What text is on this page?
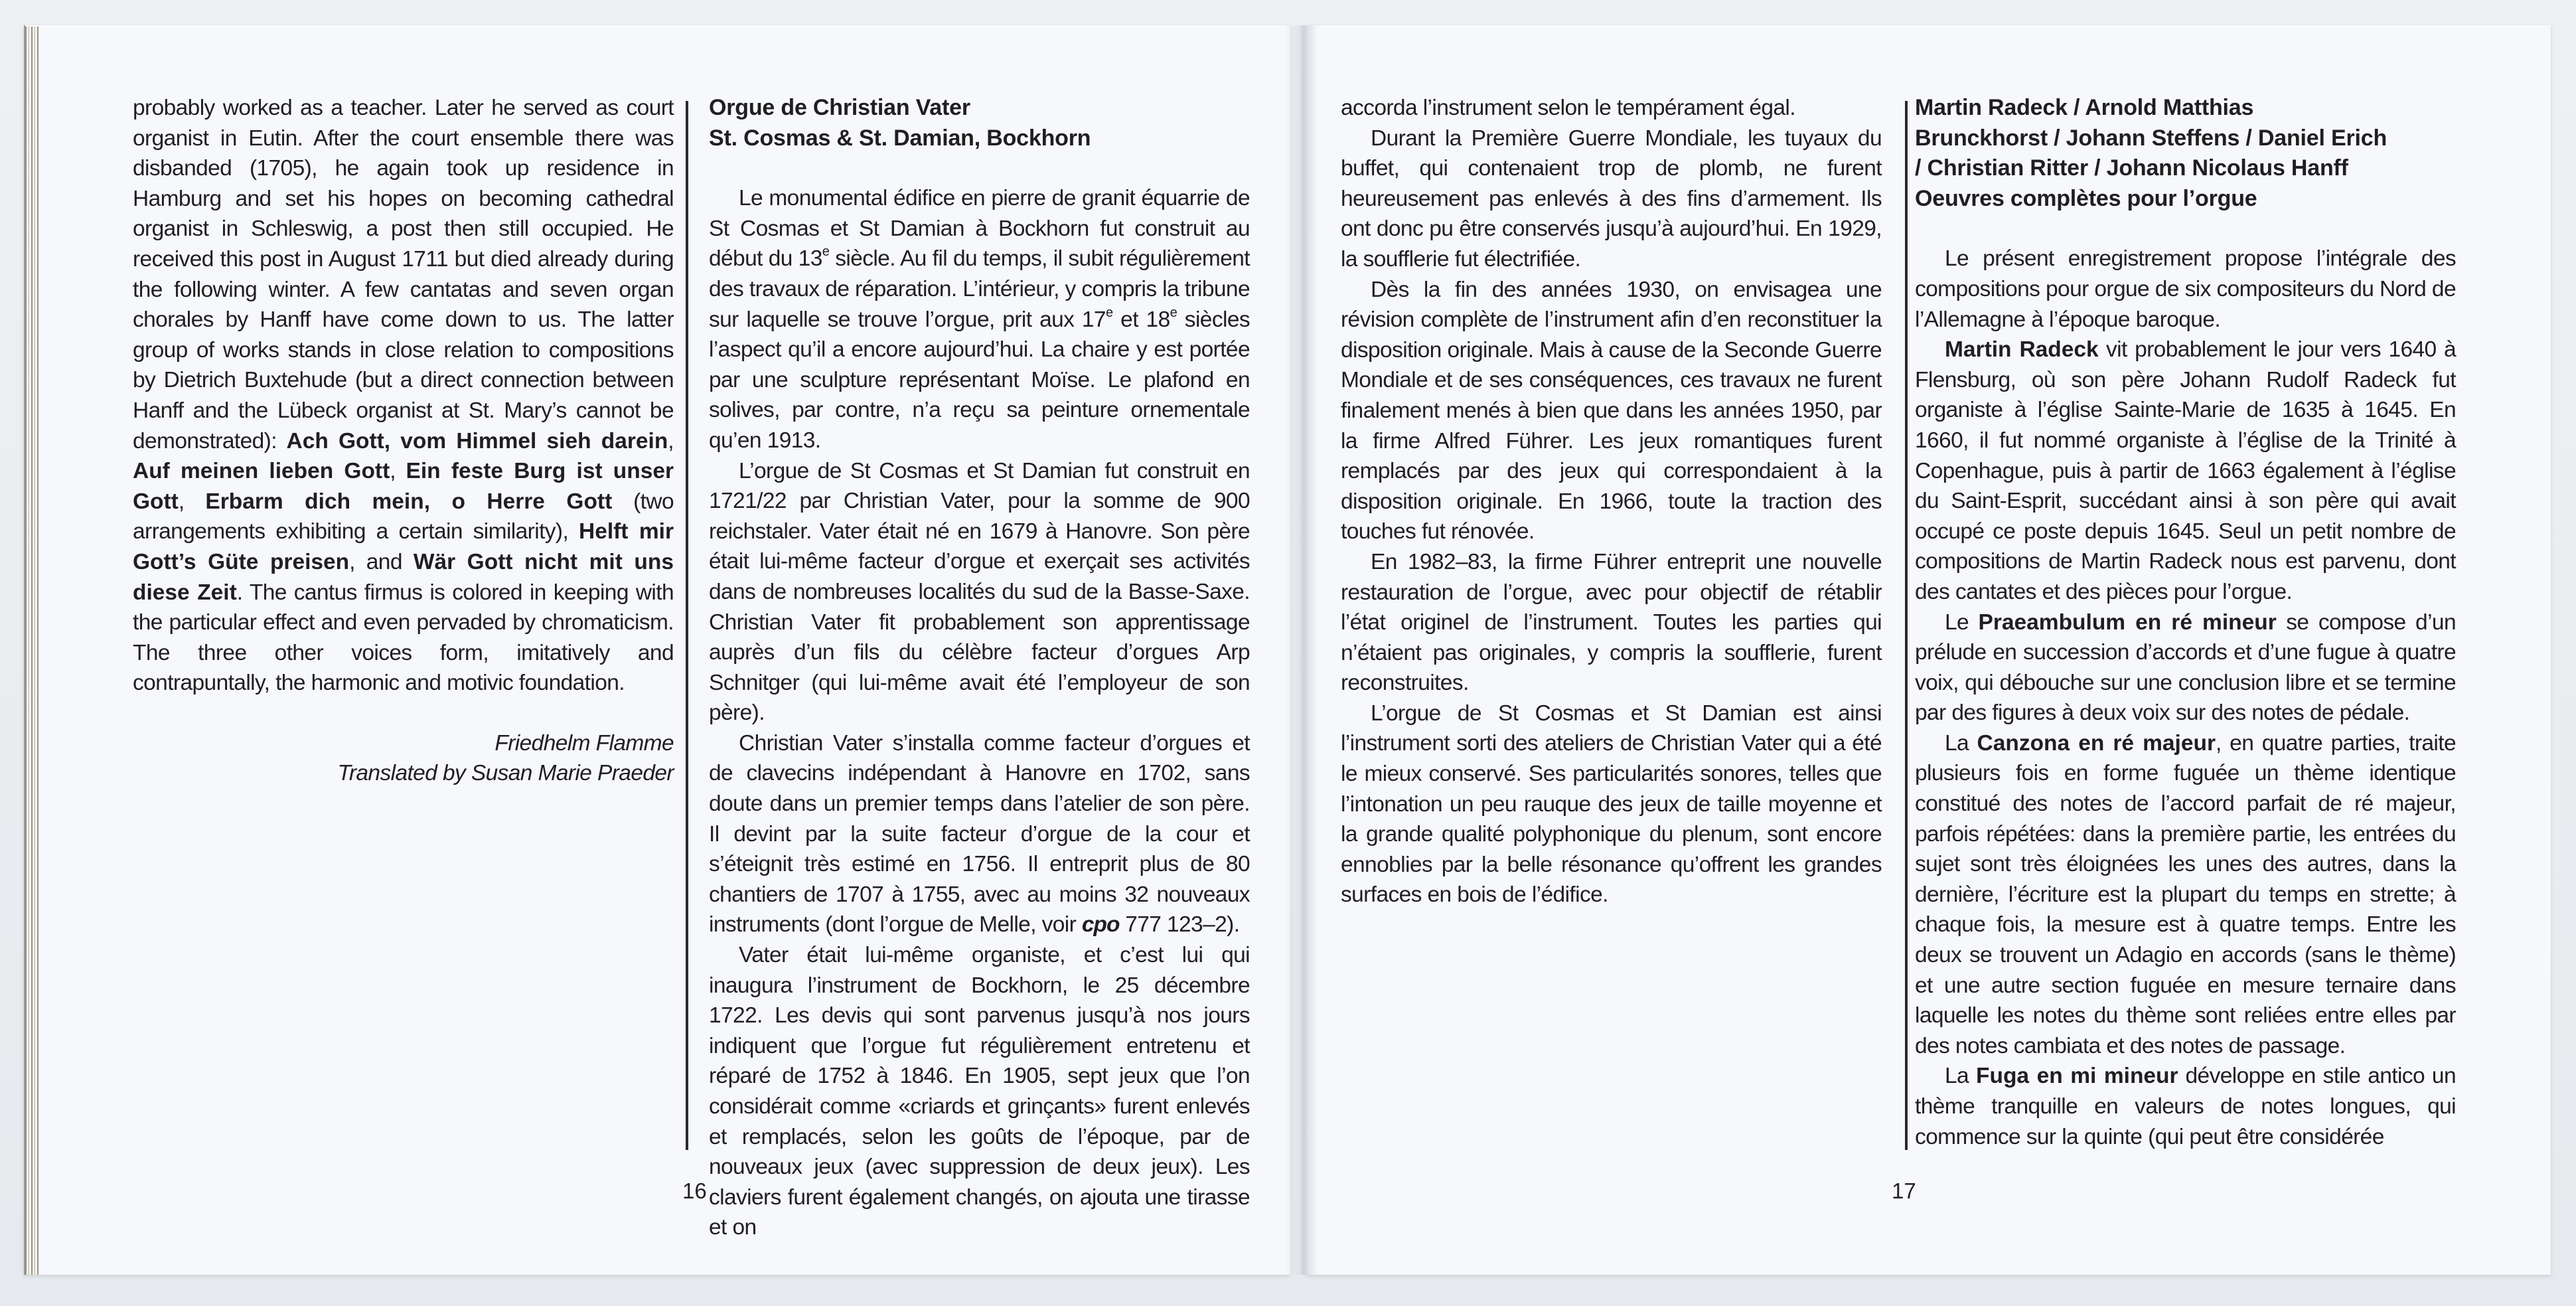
probably worked as a teacher. Later he served as court organist in Eutin. After the court ensemble there was disbanded (1705), he again took up residence in Hamburg and set his hopes on becoming cathedral organist in Schleswig, a post then still occupied. He received this post in August 1711 but died already during the following winter. A few cantatas and seven organ chorales by Hanff have come down to us. The latter group of works stands in close relation to compositions by Dietrich Buxtehude (but a direct connection between Hanff and the Lübeck organist at St. Mary’s cannot be demonstrated): Ach Gott, vom Himmel sieh darein, Auf meinen lieben Gott, Ein feste Burg ist unser Gott, Erbarm dich mein, o Herre Gott (two arrangements exhibiting a certain similarity), Helft mir Gott’s Güte preisen, and Wär Gott nicht mit uns diese Zeit. The cantus firmus is colored in keeping with the particular effect and even pervaded by chromaticism. The three other voices form, imitatively and contrapuntally, the harmonic and motivic foundation.

Friedhelm Flamme

Translated by Susan Marie Praeder

Orgue de Christian Vater
St. Cosmas & St. Damian, Bockhorn

Le monumental édifice en pierre de granit équarrie de St Cosmas et St Damian à Bockhorn fut construit au début du 13e siècle. Au fil du temps, il subit régulièrement des travaux de réparation. L’intérieur, y compris la tribune sur laquelle se trouve l’orgue, prit aux 17e et 18e siècles l’aspect qu’il a encore aujourd’hui. La chaire y est portée par une sculpture représentant Moïse. Le plafond en solives, par contre, n’a reçu sa peinture ornementale qu’en 1913.

L’orgue de St Cosmas et St Damian fut construit en 1721/22 par Christian Vater, pour la somme de 900 reichstaler. Vater était né en 1679 à Hanovre. Son père était lui-même facteur d’orgue et exerçait ses activités dans de nombreuses localités du sud de la Basse-Saxe. Christian Vater fit probablement son apprentissage auprès d’un fils du célèbre facteur d’orgues Arp Schnitger (qui lui-même avait été l’employeur de son père).

Christian Vater s’installa comme facteur d’orgues et de clavecins indépendant à Hanovre en 1702, sans doute dans un premier temps dans l’atelier de son père. Il devint par la suite facteur d’orgue de la cour et s’éteignit très estimé en 1756. Il entreprit plus de 80 chantiers de 1707 à 1755, avec au moins 32 nouveaux instruments (dont l’orgue de Melle, voir cpo 777 123–2).

Vater était lui-même organiste, et c’est lui qui inaugura l’instrument de Bockhorn, le 25 décembre 1722. Les devis qui sont parvenus jusqu’à nos jours indiquent que l’orgue fut régulièrement entretenu et réparé de 1752 à 1846. En 1905, sept jeux que l’on considérait comme «criards et grinçants» furent enlevés et remplacés, selon les goûts de l’époque, par de nouveaux jeux (avec suppression de deux jeux). Les claviers furent également changés, on ajouta une tirasse et on

16

accorda l’instrument selon le tempérament égal.

Durant la Première Guerre Mondiale, les tuyaux du buffet, qui contenaient trop de plomb, ne furent heureusement pas enlevés à des fins d’armement. Ils ont donc pu être conservés jusqu’à aujourd’hui. En 1929, la soufflerie fut électrifiée.

Dès la fin des années 1930, on envisagea une révision complète de l’instrument afin d’en reconstituer la disposition originale. Mais à cause de la Seconde Guerre Mondiale et de ses conséquences, ces travaux ne furent finalement menés à bien que dans les années 1950, par la firme Alfred Führer. Les jeux romantiques furent remplacés par des jeux qui correspondaient à la disposition originale. En 1966, toute la traction des touches fut rénovée.

En 1982–83, la firme Führer entreprit une nouvelle restauration de l’orgue, avec pour objectif de rétablir l’état originel de l’instrument. Toutes les parties qui n’étaient pas originales, y compris la soufflerie, furent reconstruites.

L’orgue de St Cosmas et St Damian est ainsi l’instrument sorti des ateliers de Christian Vater qui a été le mieux conservé. Ses particularités sonores, telles que l’intonation un peu rauque des jeux de taille moyenne et la grande qualité polyphonique du plenum, sont encore ennoblies par la belle résonance qu’offrent les grandes surfaces en bois de l’édifice.

Martin Radeck / Arnold Matthias
Brunckhorst / Johann Steffens / Daniel Erich
/ Christian Ritter / Johann Nicolaus Hanff
Oeuvres complètes pour l’orgue

Le présent enregistrement propose l’intégrale des compositions pour orgue de six compositeurs du Nord de l’Allemagne à l’époque baroque.

Martin Radeck vit probablement le jour vers 1640 à Flensburg, où son père Johann Rudolf Radeck fut organiste à l’église Sainte-Marie de 1635 à 1645. En 1660, il fut nommé organiste à l’église de la Trinité à Copenhague, puis à partir de 1663 également à l’église du Saint-Esprit, succédant ainsi à son père qui avait occupé ce poste depuis 1645. Seul un petit nombre de compositions de Martin Radeck nous est parvenu, dont des cantates et des pièces pour l’orgue.

Le Praeambulum en ré mineur se compose d’un prélude en succession d’accords et d’une fugue à quatre voix, qui débouche sur une conclusion libre et se termine par des figures à deux voix sur des notes de pédale.

La Canzona en ré majeur, en quatre parties, traite plusieurs fois en forme fuguée un thème identique constitué des notes de l’accord parfait de ré majeur, parfois répétées: dans la première partie, les entrées du sujet sont très éloignées les unes des autres, dans la dernière, l’écriture est la plupart du temps en strette; à chaque fois, la mesure est à quatre temps. Entre les deux se trouvent un Adagio en accords (sans le thème) et une autre section fuguée en mesure ternaire dans laquelle les notes du thème sont reliées entre elles par des notes cambiata et des notes de passage.

La Fuga en mi mineur développe en stile antico un thème tranquille en valeurs de notes longues, qui commence sur la quinte (qui peut être considérée

17
